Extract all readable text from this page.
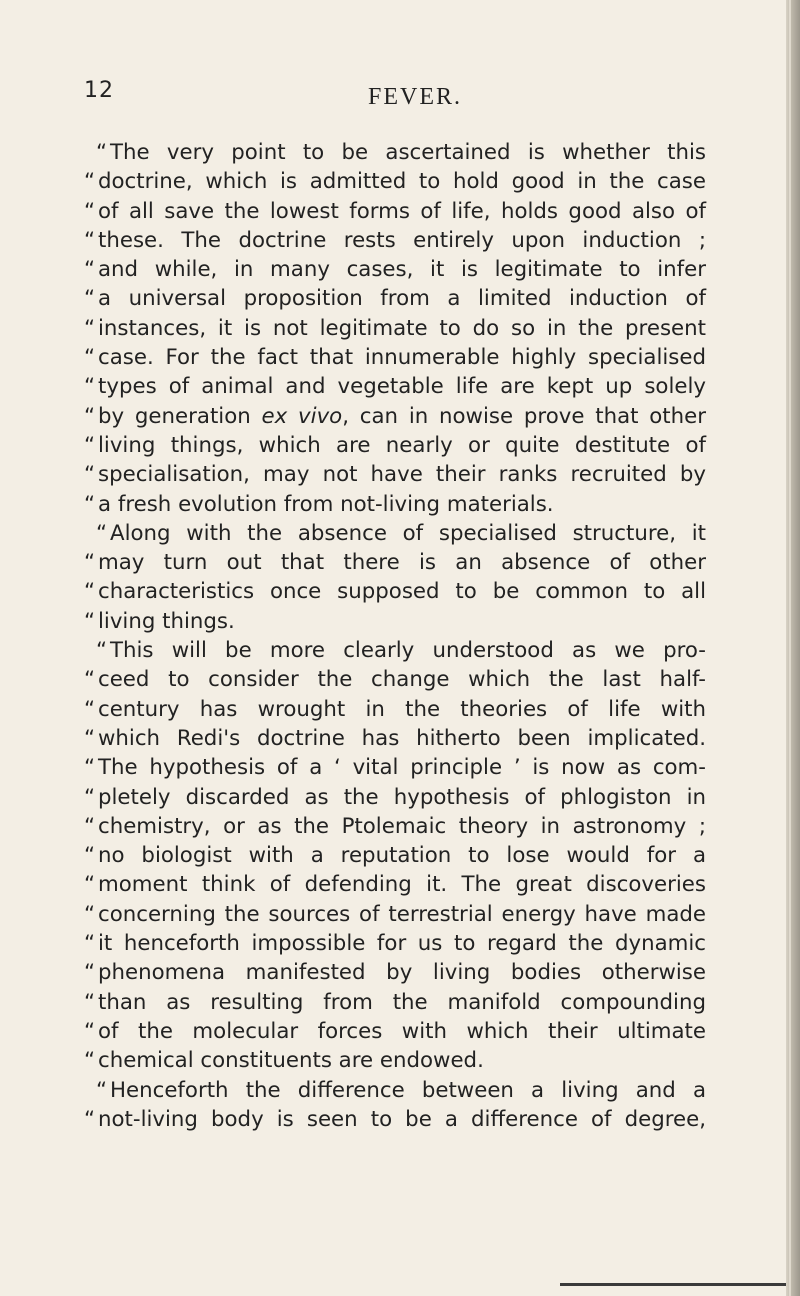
12	FEVER.
“ The very point to be ascertained is whether this
“ doctrine, which is admitted to hold good in the case
“ of all save the lowest forms of life, holds good also of
“ these. The doctrine rests entirely upon induction ;
“ and while, in many cases, it is legitimate to infer
“ a universal proposition from a limited induction of
“ instances, it is not legitimate to do so in the present
“ case. For the fact that innumerable highly specialised
“ types of animal and vegetable life are kept up solely
“ by generation ex vivo, can in nowise prove that other
“ living things, which are nearly or quite destitute of
“ specialisation, may not have their ranks recruited by
“ a fresh evolution from not-living materials.
“ Along with the absence of specialised structure, it
“ may turn out that there is an absence of other
“ characteristics once supposed to be common to all
“ living things.
“ This will be more clearly understood as we pro-
“ ceed to consider the change which the last half-
“ century has wrought in the theories of life with
“ which Redi's doctrine has hitherto been implicated.
“ The hypothesis of a ‘ vital principle ’ is now as com-
“ pletely discarded as the hypothesis of phlogiston in
“ chemistry, or as the Ptolemaic theory in astronomy ;
“ no biologist with a reputation to lose would for a
“ moment think of defending it. The great discoveries
“ concerning the sources of terrestrial energy have made
“ it henceforth impossible for us to regard the dynamic
“ phenomena manifested by living bodies otherwise
“ than as resulting from the manifold compounding
“ of the molecular forces with which their ultimate
“ chemical constituents are endowed.
“ Henceforth the difference between a living and a
“ not-living body is seen to be a difference of degree,
